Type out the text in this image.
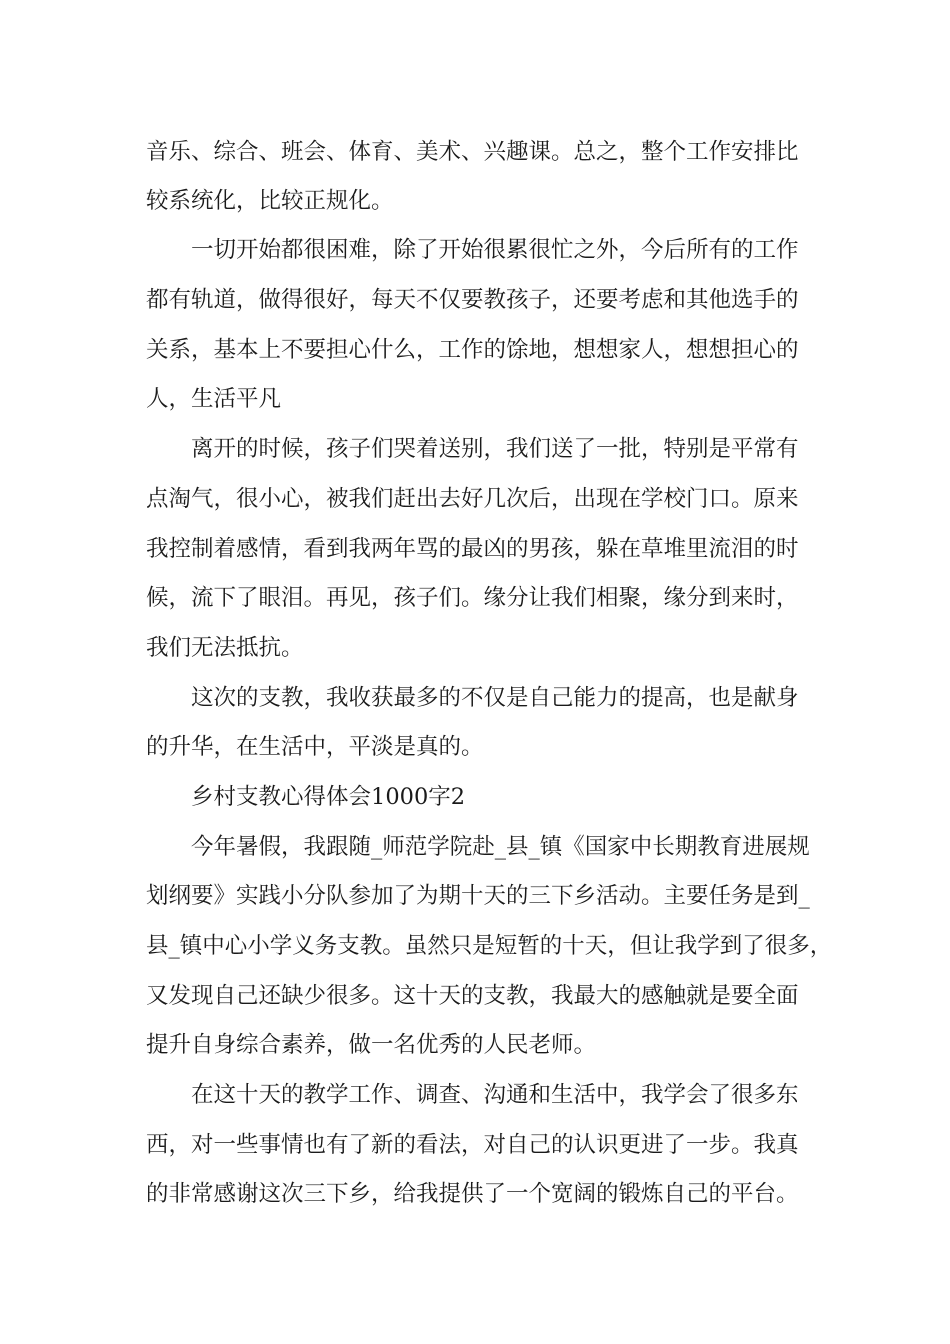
音乐、综合、班会、体育、美术、兴趣课。总之，整个工作安排比

较系统化，比较正规化。

一切开始都很困难，除了开始很累很忙之外，今后所有的工作

都有轨道，做得很好，每天不仅要教孩子，还要考虑和其他选手的

关系，基本上不要担心什么，工作的馀地，想想家人，想想担心的

人，生活平凡

离开的时候，孩子们哭着送别，我们送了一批，特别是平常有

点淘气，很小心，被我们赶出去好几次后，出现在学校门口。原来

我控制着感情，看到我两年骂的最凶的男孩，躲在草堆里流泪的时

候，流下了眼泪。再见，孩子们。缘分让我们相聚，缘分到来时，

我们无法抵抗。

这次的支教，我收获最多的不仅是自己能力的提高，也是献身

的升华，在生活中，平淡是真的。

乡村支教心得体会1000字2

今年暑假，我跟随_师范学院赴_县_镇《国家中长期教育进展规

划纲要》实践小分队参加了为期十天的三下乡活动。主要任务是到_

县_镇中心小学义务支教。虽然只是短暂的十天，但让我学到了很多，

又发现自己还缺少很多。这十天的支教，我最大的感触就是要全面

提升自身综合素养，做一名优秀的人民老师。

在这十天的教学工作、调查、沟通和生活中，我学会了很多东

西，对一些事情也有了新的看法，对自己的认识更进了一步。我真

的非常感谢这次三下乡，给我提供了一个宽阔的锻炼自己的平台。
